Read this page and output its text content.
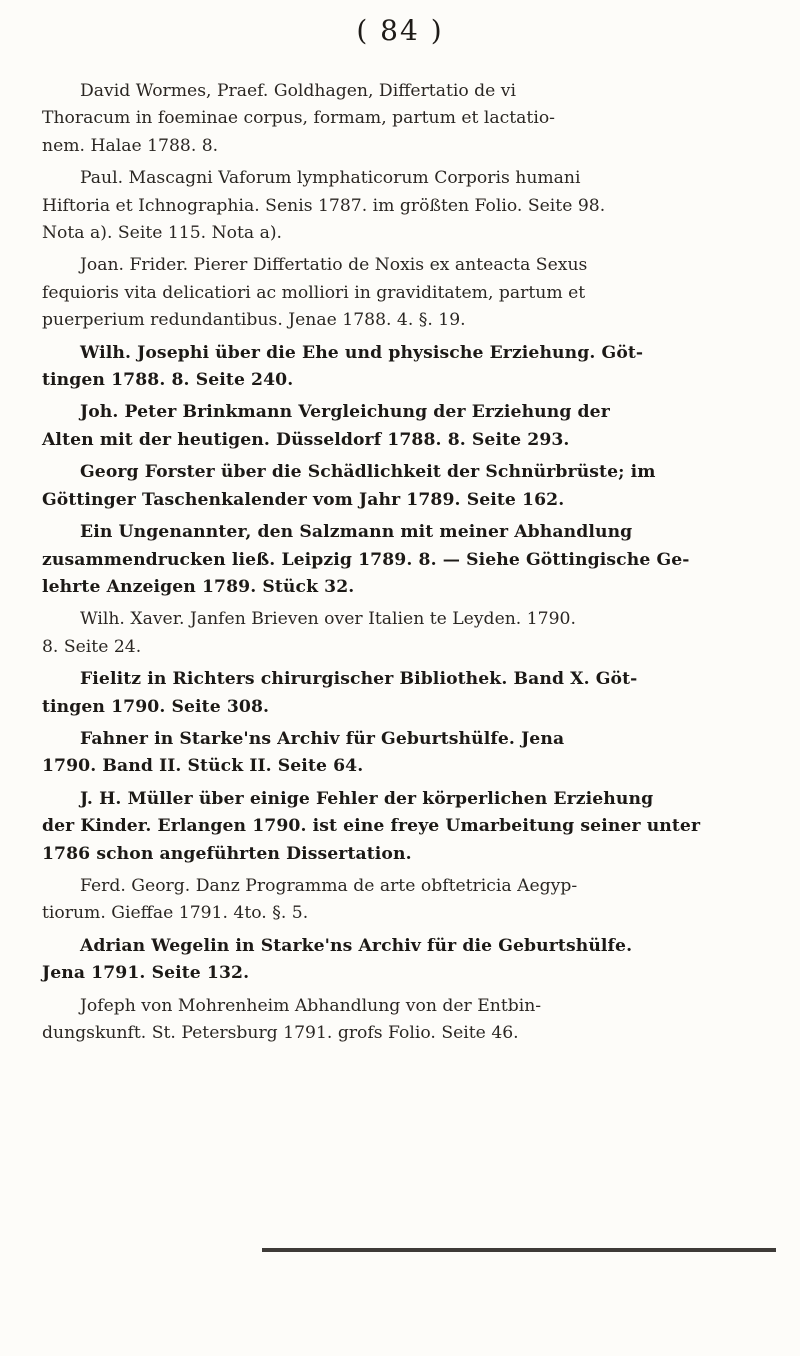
( 84 )

David Wormes, Praef. Goldhagen, Differtatio de vi
Thoracum in foeminae corpus, formam, partum et lactatio-
nem. Halae 1788. 8.

Paul. Mascagni Vaforum lymphaticorum Corporis humani
Hiftoria et Ichnographia. Senis 1787. im größten Folio. Seite 98.
Nota a). Seite 115. Nota a).

Joan. Frider. Pierer Differtatio de Noxis ex anteacta Sexus
fequioris vita delicatiori ac molliori in graviditatem, partum et
puerperium redundantibus. Jenae 1788. 4. §. 19.

Wilh. Josephi über die Ehe und physische Erziehung. Göt-
tingen 1788. 8. Seite 240.

Joh. Peter Brinkmann Vergleichung der Erziehung der
Alten mit der heutigen. Düsseldorf 1788. 8. Seite 293.

Georg Forster über die Schädlichkeit der Schnürbrüste; im
Göttinger Taschenkalender vom Jahr 1789. Seite 162.

Ein Ungenannter, den Salzmann mit meiner Abhandlung
zusammendrucken ließ. Leipzig 1789. 8. — Siehe Göttingische Ge-
lehrte Anzeigen 1789. Stück 32.

Wilh. Xaver. Janfen Brieven over Italien te Leyden. 1790.
8. Seite 24.

Fielitz in Richters chirurgischer Bibliothek. Band X. Göt-
tingen 1790. Seite 308.

Fahner in Starke'ns Archiv für Geburtshülfe. Jena
1790. Band II. Stück II. Seite 64.

J. H. Müller über einige Fehler der körperlichen Erziehung
der Kinder. Erlangen 1790. ist eine freye Umarbeitung seiner unter
1786 schon angeführten Dissertation.

Ferd. Georg. Danz Programma de arte obftetricia Aegyp-
tiorum. Gieffae 1791. 4to. §. 5.

Adrian Wegelin in Starke'ns Archiv für die Geburtshülfe.
Jena 1791. Seite 132.

Jofeph von Mohrenheim Abhandlung von der Entbin-
dungskunft. St. Petersburg 1791. grofs Folio. Seite 46.
